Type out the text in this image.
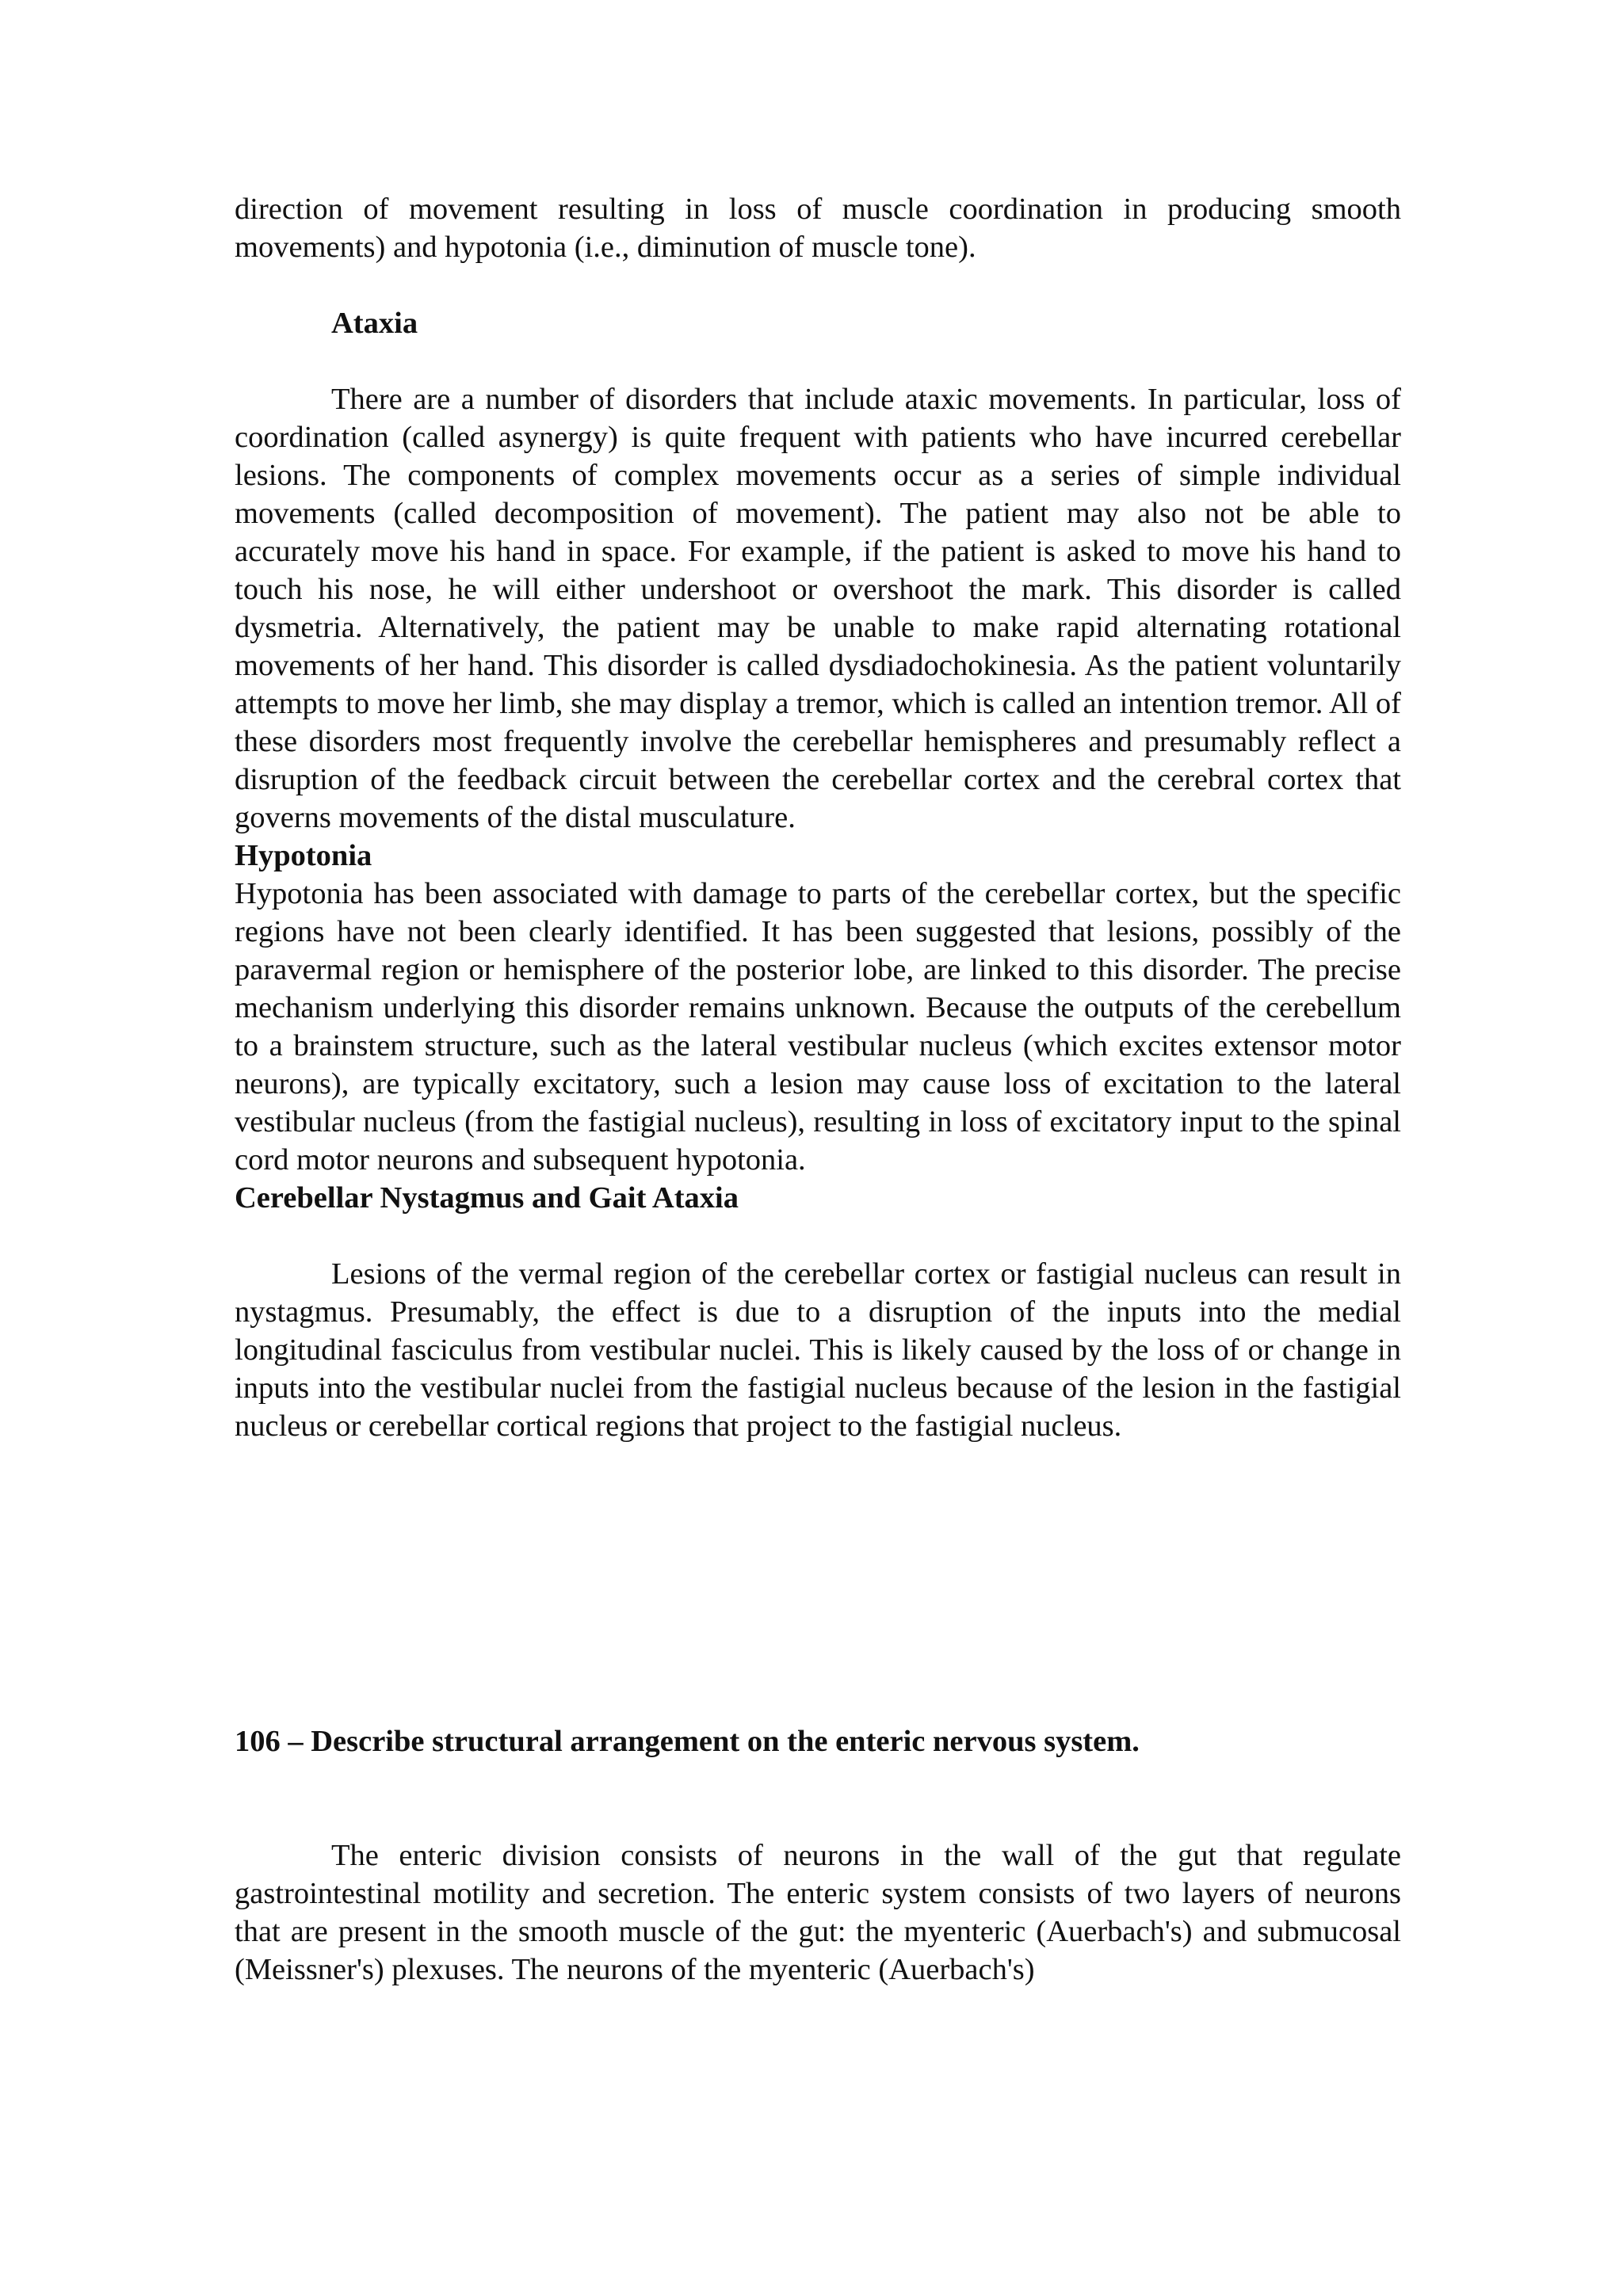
direction of movement resulting in loss of muscle coordination in producing smooth movements) and hypotonia (i.e., diminution of muscle tone).

Ataxia

There are a number of disorders that include ataxic movements. In particular, loss of coordination (called asynergy) is quite frequent with patients who have incurred cerebellar lesions. The components of complex movements occur as a series of simple individual movements (called decomposition of movement). The patient may also not be able to accurately move his hand in space. For example, if the patient is asked to move his hand to touch his nose, he will either undershoot or overshoot the mark. This disorder is called dysmetria. Alternatively, the patient may be unable to make rapid alternating rotational movements of her hand. This disorder is called dysdiadochokinesia. As the patient voluntarily attempts to move her limb, she may display a tremor, which is called an intention tremor. All of these disorders most frequently involve the cerebellar hemispheres and presumably reflect a disruption of the feedback circuit between the cerebellar cortex and the cerebral cortex that governs movements of the distal musculature.

Hypotonia

Hypotonia has been associated with damage to parts of the cerebellar cortex, but the specific regions have not been clearly identified. It has been suggested that lesions, possibly of the paravermal region or hemisphere of the posterior lobe, are linked to this disorder. The precise mechanism underlying this disorder remains unknown. Because the outputs of the cerebellum to a brainstem structure, such as the lateral vestibular nucleus (which excites extensor motor neurons), are typically excitatory, such a lesion may cause loss of excitation to the lateral vestibular nucleus (from the fastigial nucleus), resulting in loss of excitatory input to the spinal cord motor neurons and subsequent hypotonia.

Cerebellar Nystagmus and Gait Ataxia

Lesions of the vermal region of the cerebellar cortex or fastigial nucleus can result in nystagmus. Presumably, the effect is due to a disruption of the inputs into the medial longitudinal fasciculus from vestibular nuclei. This is likely caused by the loss of or change in inputs into the vestibular nuclei from the fastigial nucleus because of the lesion in the fastigial nucleus or cerebellar cortical regions that project to the fastigial nucleus.

106 – Describe structural arrangement on the enteric nervous system.

The enteric division consists of neurons in the wall of the gut that regulate gastrointestinal motility and secretion. The enteric system consists of two layers of neurons that are present in the smooth muscle of the gut: the myenteric (Auerbach's) and submucosal (Meissner's) plexuses. The neurons of the myenteric (Auerbach's)
